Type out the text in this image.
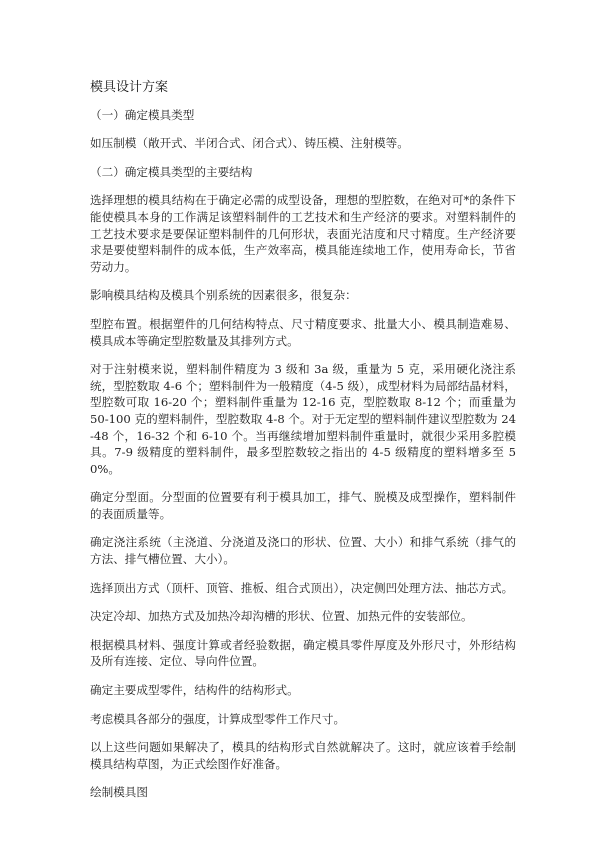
模具设计方案

（一）确定模具类型

如压制模（敞开式、半闭合式、闭合式）、铸压模、注射模等。

（二）确定模具类型的主要结构

选择理想的模具结构在于确定必需的成型设备，理想的型腔数，在绝对可*的条件下能使模具本身的工作满足该塑料制件的工艺技术和生产经济的要求。对塑料制件的工艺技术要求是要保证塑料制件的几何形状，表面光洁度和尺寸精度。生产经济要求是要使塑料制件的成本低，生产效率高，模具能连续地工作，使用寿命长，节省劳动力。

影响模具结构及模具个别系统的因素很多，很复杂：

型腔布置。根据塑件的几何结构特点、尺寸精度要求、批量大小、模具制造难易、模具成本等确定型腔数量及其排列方式。

对于注射模来说，塑料制件精度为 3 级和 3a 级，重量为 5 克，采用硬化浇注系统，型腔数取 4-6 个；塑料制件为一般精度（4-5 级），成型材料为局部结晶材料，型腔数可取 16-20 个；塑料制件重量为 12-16 克，型腔数取 8-12 个；而重量为 50-100 克的塑料制件，型腔数取 4-8 个。对于无定型的塑料制件建议型腔数为 24-48 个，16-32 个和 6-10 个。当再继续增加塑料制件重量时，就很少采用多腔模具。7-9 级精度的塑料制件，最多型腔数较之指出的 4-5 级精度的塑料增多至 50%。

确定分型面。分型面的位置要有利于模具加工，排气、脱模及成型操作，塑料制件的表面质量等。

确定浇注系统（主浇道、分浇道及浇口的形状、位置、大小）和排气系统（排气的方法、排气槽位置、大小）。

选择顶出方式（顶杆、顶管、推板、组合式顶出），决定侧凹处理方法、抽芯方式。

决定冷却、加热方式及加热冷却沟槽的形状、位置、加热元件的安装部位。

根据模具材料、强度计算或者经验数据，确定模具零件厚度及外形尺寸，外形结构及所有连接、定位、导向件位置。

确定主要成型零件，结构件的结构形式。

考虑模具各部分的强度，计算成型零件工作尺寸。

以上这些问题如果解决了，模具的结构形式自然就解决了。这时，就应该着手绘制模具结构草图，为正式绘图作好准备。

绘制模具图
